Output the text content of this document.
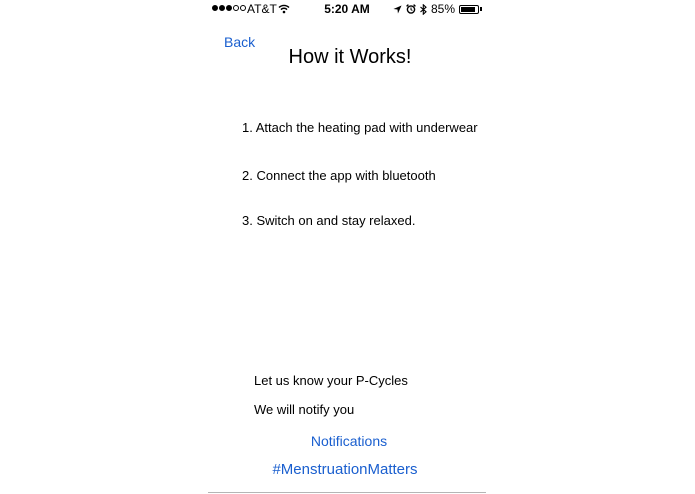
AT&T	5:20 AM	85%
Back
How it Works!
1. Attach the heating pad with underwear
2. Connect the app with bluetooth
3. Switch on and stay relaxed.
Let us know your P-Cycles
We will notify you
Notifications
#MenstruationMatters
